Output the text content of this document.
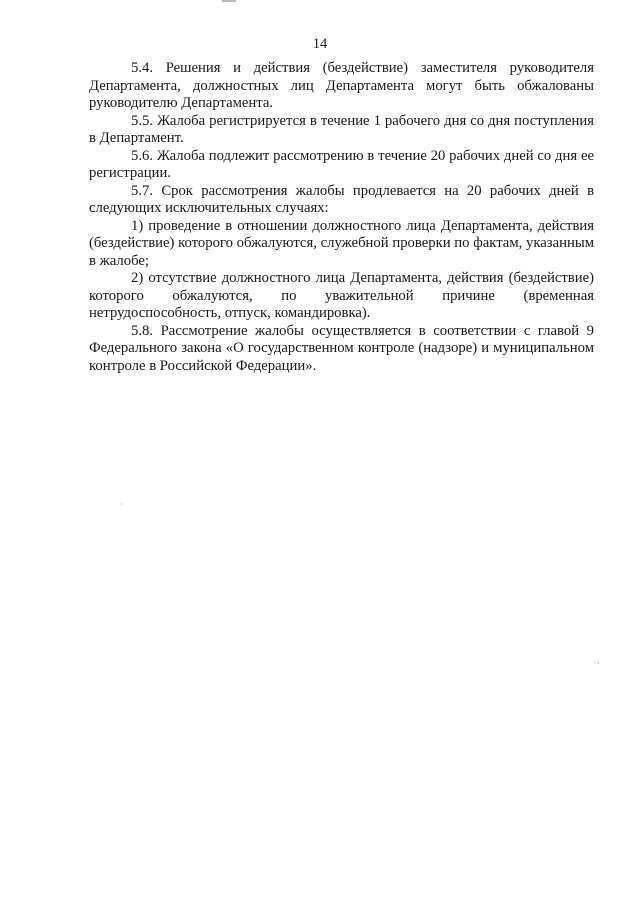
14

5.4. Решения и действия (бездействие) заместителя руководителя Департамента, должностных лиц Департамента могут быть обжалованы руководителю Департамента.

5.5. Жалоба регистрируется в течение 1 рабочего дня со дня поступления в Департамент.

5.6. Жалоба подлежит рассмотрению в течение 20 рабочих дней со дня ее регистрации.

5.7. Срок рассмотрения жалобы продлевается на 20 рабочих дней в следующих исключительных случаях:

1) проведение в отношении должностного лица Департамента, действия (бездействие) которого обжалуются, служебной проверки по фактам, указанным в жалобе;

2) отсутствие должностного лица Департамента, действия (бездействие) которого обжалуются, по уважительной причине (временная нетрудоспособность, отпуск, командировка).

5.8. Рассмотрение жалобы осуществляется в соответствии с главой 9 Федерального закона «О государственном контроле (надзоре) и муниципальном контроле в Российской Федерации».
